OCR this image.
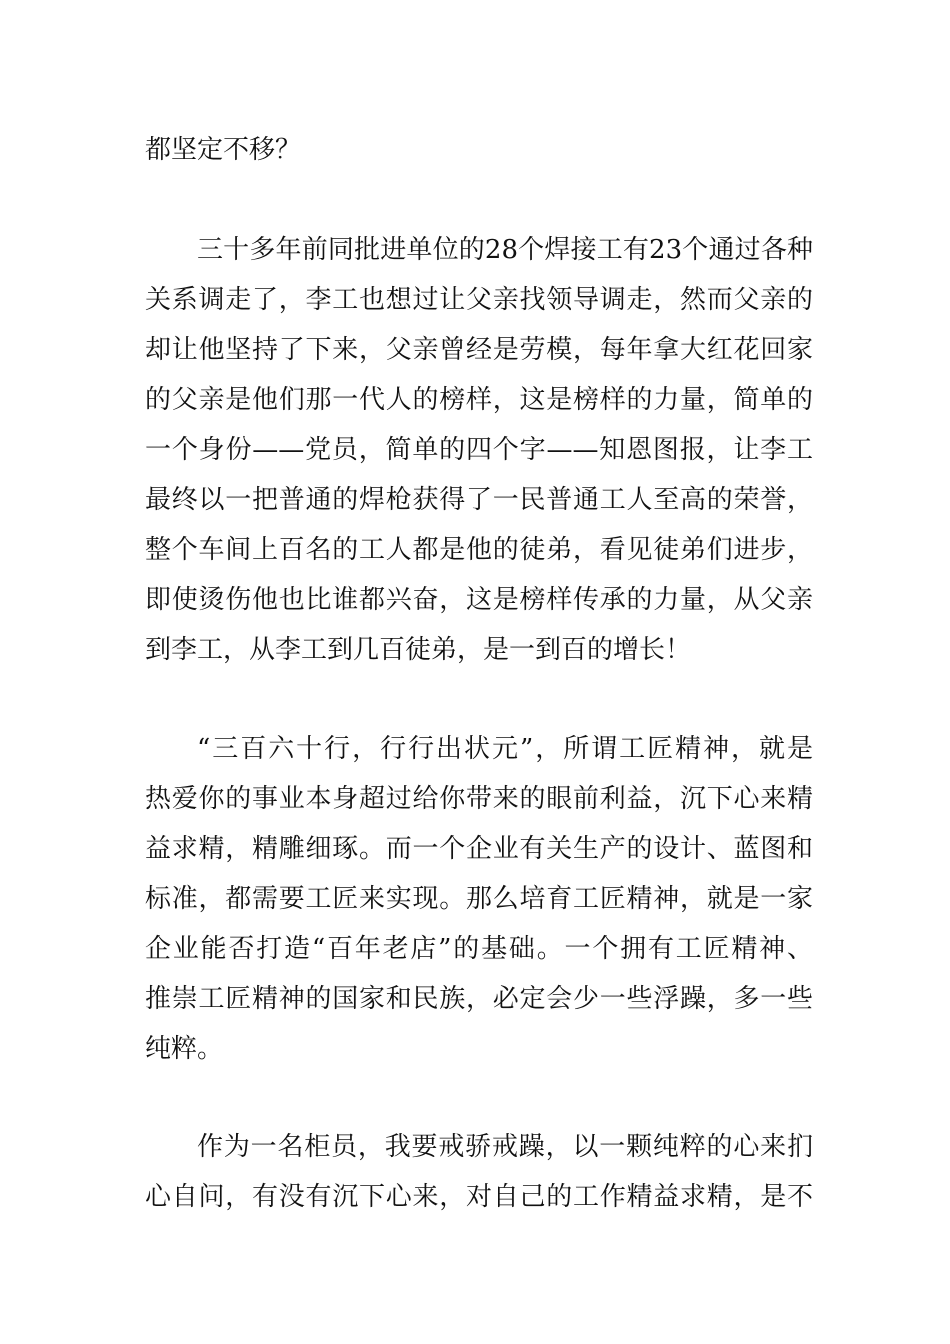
都坚定不移？

三十多年前同批进单位的28个焊接工有23个通过各种

关系调走了，李工也想过让父亲找领导调走，然而父亲的

却让他坚持了下来，父亲曾经是劳模，每年拿大红花回家

的父亲是他们那一代人的榜样，这是榜样的力量，简单的

一个身份——党员，简单的四个字——知恩图报，让李工

最终以一把普通的焊枪获得了一民普通工人至高的荣誉，

整个车间上百名的工人都是他的徒弟，看见徒弟们进步，

即使烫伤他也比谁都兴奋，这是榜样传承的力量，从父亲

到李工，从李工到几百徒弟，是一到百的增长！

“三百六十行，行行出状元”，所谓工匠精神，就是

热爱你的事业本身超过给你带来的眼前利益，沉下心来精

益求精，精雕细琢。而一个企业有关生产的设计、蓝图和

标准，都需要工匠来实现。那么培育工匠精神，就是一家

企业能否打造“百年老店”的基础。一个拥有工匠精神、

推崇工匠精神的国家和民族，必定会少一些浮躁，多一些

纯粹。

作为一名柜员，我要戒骄戒躁，以一颗纯粹的心来扪

心自问，有没有沉下心来，对自己的工作精益求精，是不
